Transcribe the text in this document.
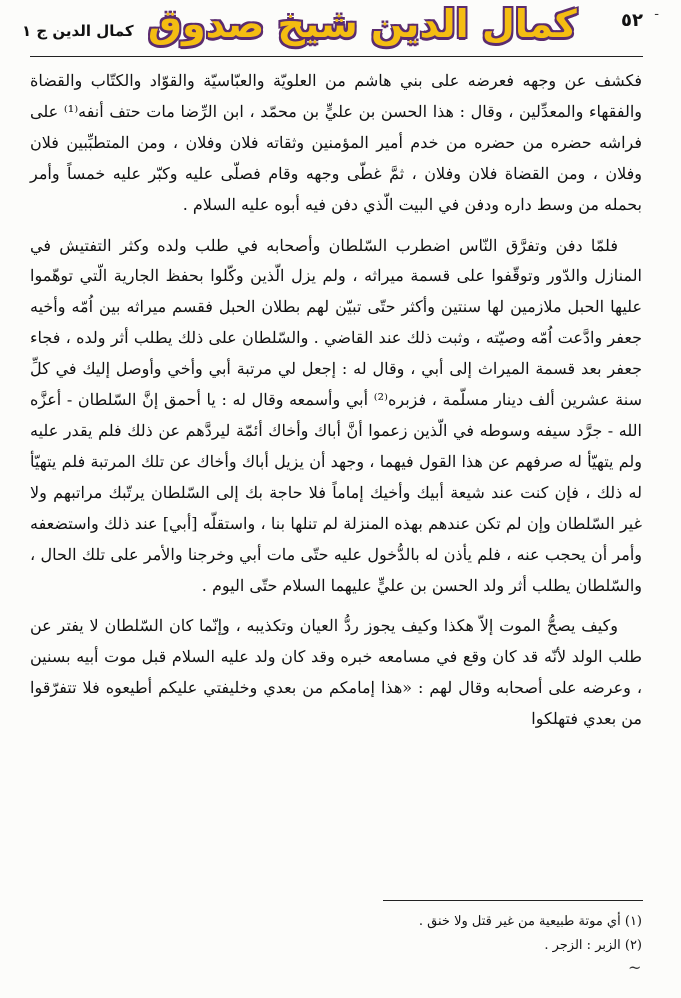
كمال الدين ج ١ كمال الدين شيخ صدوق ٥٢ -

فكشف عن وجهه فعرضه على بني هاشم من العلويّة والعبّاسيّة والقوّاد والكتّاب والقضاة والفقهاء والمعدِّلين ، وقال : هذا الحسن بن عليٍّ بن محمّد ، ابن الرِّضا مات حتف أنفه⁽¹⁾ على فراشه حضره من حضره من خدم أمير المؤمنين وثقاته فلان وفلان ، ومن المتطبِّبين فلان وفلان ، ومن القضاة فلان وفلان ، ثمَّ غطّى وجهه وقام فصلّى عليه وكبّر عليه خمساً وأمر بحمله من وسط داره ودفن في البيت الّذي دفن فيه أبوه عليه السلام .

فلمّا دفن وتفرَّق النّاس اضطرب السّلطان وأصحابه في طلب ولده وكثر التفتيش في المنازل والدّور وتوقّفوا على قسمة ميراثه ، ولم يزل الّذين وكّلوا بحفظ الجارية الّتي توهّموا عليها الحبل ملازمين لها سنتين وأكثر حتّى تبيّن لهم بطلان الحبل فقسم ميراثه بين اُمّه وأخيه جعفر وادَّعت اُمّه وصيّته ، وثبت ذلك عند القاضي . والسّلطان على ذلك يطلب أثر ولده ، فجاء جعفر بعد قسمة الميراث إلى أبي ، وقال له : إجعل لي مرتبة أبي وأخي وأوصل إليك في كلِّ سنة عشرين ألف دينار مسلّمة ، فزبره⁽²⁾ أبي وأسمعه وقال له : يا أحمق إنَّ السّلطان - أعزَّه الله - جرَّد سيفه وسوطه في الّذين زعموا أنَّ أباك وأخاك أئمّة ليردَّهم عن ذلك فلم يقدر عليه ولم يتهيّأ له صرفهم عن هذا القول فيهما ، وجهد أن يزيل أباك وأخاك عن تلك المرتبة فلم يتهيّأ له ذلك ، فإن كنت عند شيعة أبيك وأخيك إماماً فلا حاجة بك إلى السّلطان يرتّبك مراتبهم ولا غير السّلطان وإن لم تكن عندهم بهذه المنزلة لم تنلها بنا ، واستقلّه [أبي] عند ذلك واستضعفه وأمر أن يحجب عنه ، فلم يأذن له بالدُّخول عليه حتّى مات أبي وخرجنا والأمر على تلك الحال ، والسّلطان يطلب أثر ولد الحسن بن عليٍّ عليهما السلام حتّى اليوم .

وكيف يصحُّ الموت إلاّ هكذا وكيف يجوز ردُّ العيان وتكذيبه ، وإنّما كان السّلطان لا يفتر عن طلب الولد لأنّه قد كان وقع في مسامعه خبره وقد كان ولد عليه السلام قبل موت أبيه بسنين ، وعرضه على أصحابه وقال لهم : «هذا إمامكم من بعدي وخليفتي عليكم أطيعوه فلا تتفرّقوا من بعدي فتهلكوا

(١) أي موتة طبيعية من غير قتل ولا خنق .
(٢) الزبر : الزجر .
~
